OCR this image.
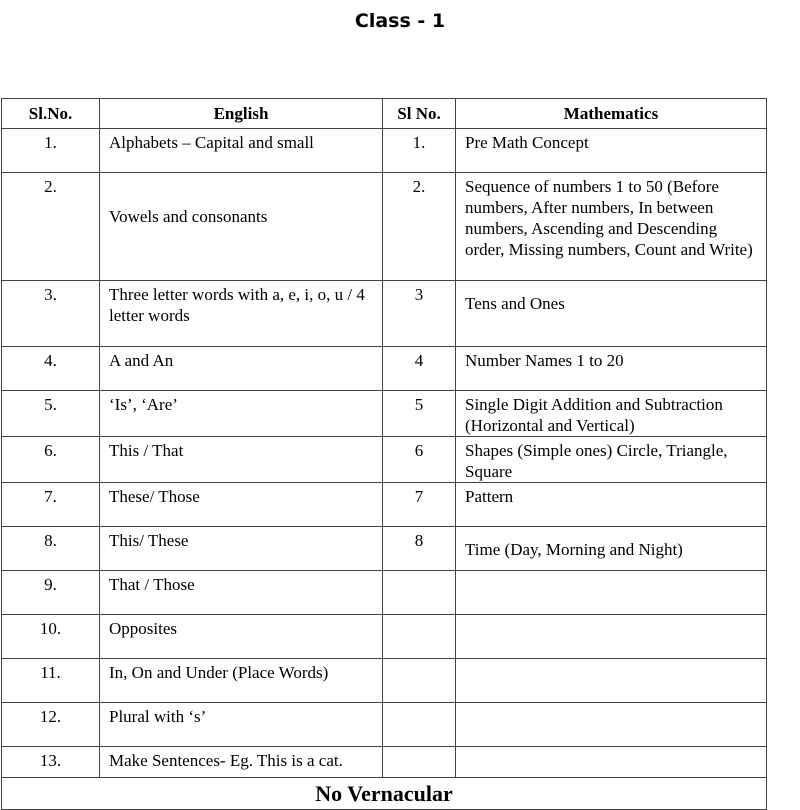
Class - 1
Sl.No.	English	Sl No.	Mathematics
1.	Alphabets – Capital and small	1.	Pre Math Concept
2.	Vowels and consonants	2.	Sequence of numbers 1 to 50 (Before numbers, After numbers, In between numbers, Ascending and Descending order, Missing numbers, Count and Write)
3.	Three letter words with a, e, i, o, u / 4 letter words	3	Tens and Ones
4.	A and An	4	Number Names 1 to 20
5.	‘Is’, ‘Are’	5	Single Digit Addition and Subtraction (Horizontal and Vertical)
6.	This / That	6	Shapes (Simple ones) Circle, Triangle, Square
7.	These/ Those	7	Pattern
8.	This/ These	8	Time (Day, Morning and Night)
9.	That / Those		
10.	Opposites		
11.	In, On and Under (Place Words)		
12.	Plural with ‘s’		
13.	Make Sentences- Eg. This is a cat.		
No Vernacular			
